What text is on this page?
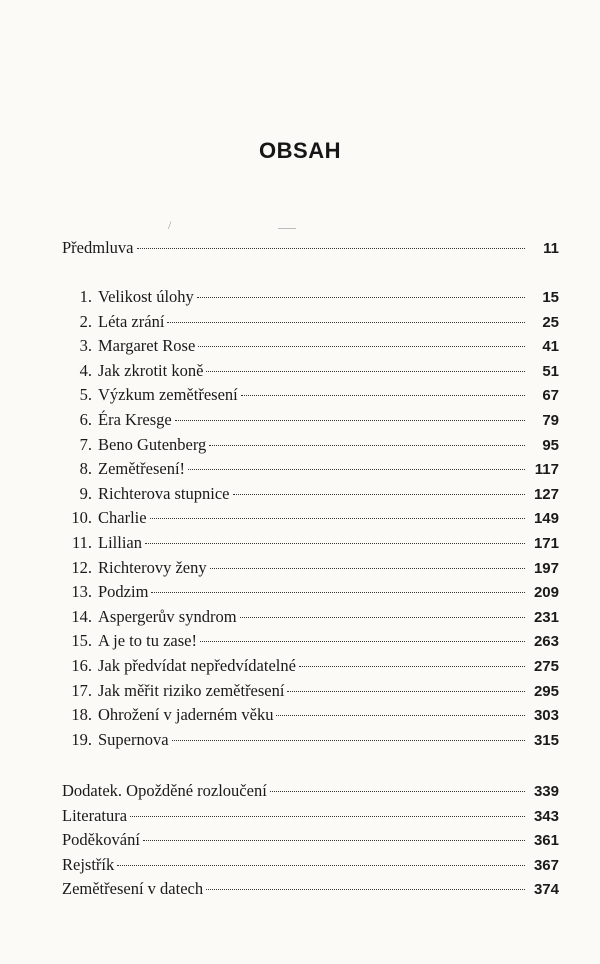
OBSAH
/
Předmluva	11
1. Velikost úlohy	15
2. Léta zrání	25
3. Margaret Rose	41
4. Jak zkrotit koně	51
5. Výzkum zemětřesení	67
6. Éra Kresge	79
7. Beno Gutenberg	95
8. Zemětřesení!	117
9. Richterova stupnice	127
10. Charlie	149
11. Lillian	171
12. Richterovy ženy	197
13. Podzim	209
14. Aspergerův syndrom	231
15. A je to tu zase!	263
16. Jak předvídat nepředvídatelné	275
17. Jak měřit riziko zemětřesení	295
18. Ohrožení v jaderném věku	303
19. Supernova	315
Dodatek. Opožděné rozloučení	339
Literatura	343
Poděkování	361
Rejstřík	367
Zemětřesení v datech	374
